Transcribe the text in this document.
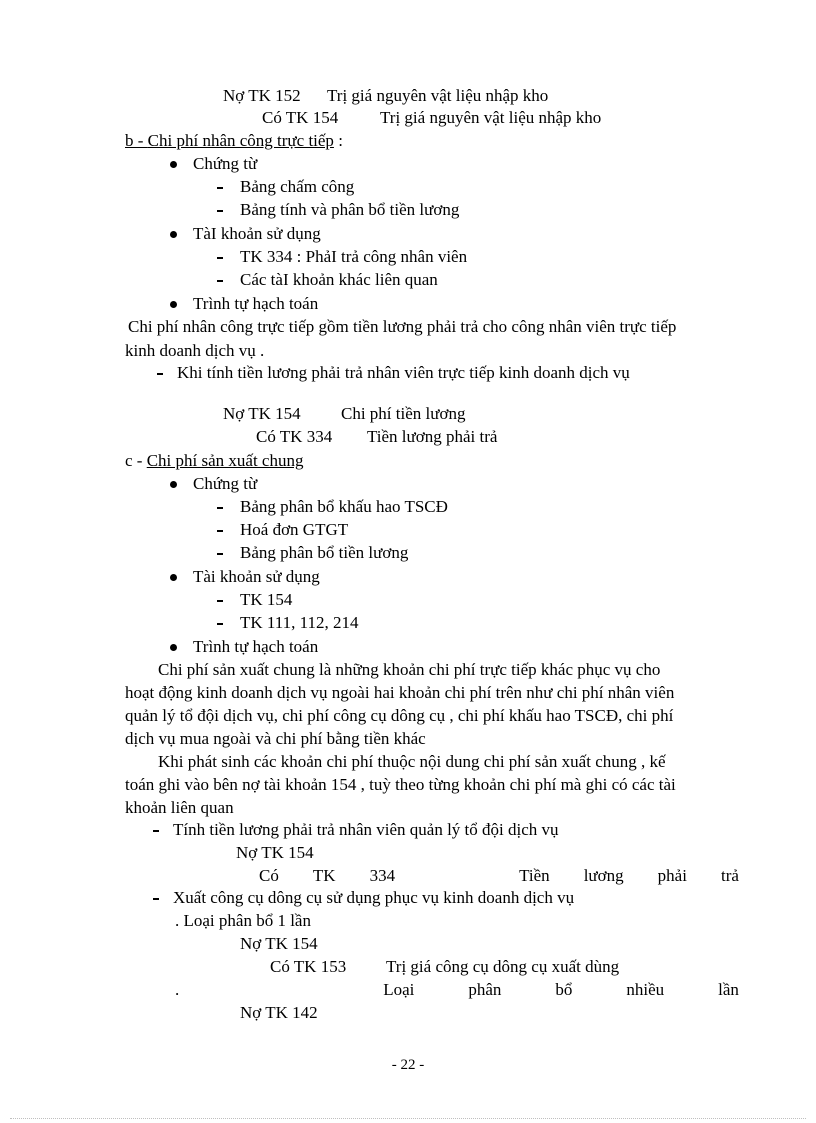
Nợ TK 152 Trị giá nguyên vật liệu nhập kho
Có TK 154 Trị giá nguyên vật liệu nhập kho
b - Chi phí nhân công trực tiếp :
Chứng từ
Bảng chấm công
Bảng tính và phân bổ tiền lương
TàI khoản sử dụng
TK 334 : PhảI trả công nhân viên
Các tàI khoản khác liên quan
Trình tự hạch toán
Chi phí nhân công trực tiếp gồm tiền lương phải trả cho công nhân viên trực tiếp
kinh doanh dịch vụ .
Khi tính tiền lương phải trả nhân viên trực tiếp kinh doanh dịch vụ
Nợ TK 154 Chi phí tiền lương
Có TK 334 Tiền lương phải trả
c - Chi phí sản xuất chung
Chứng từ
Bảng phân bổ khấu hao TSCĐ
Hoá đơn GTGT
Bảng phân bổ tiền lương
Tài khoản sử dụng
TK 154
TK 111, 112, 214
Trình tự hạch toán
Chi phí sản xuất chung là những khoản chi phí trực tiếp khác phục vụ cho
hoạt động kinh doanh dịch vụ ngoài hai khoản chi phí trên như chi phí nhân viên
quản lý tổ đội dịch vụ, chi phí công cụ dông cụ , chi phí khấu hao TSCĐ, chi phí
dịch vụ mua ngoài và chi phí bằng tiền khác
Khi phát sinh các khoản chi phí thuộc nội dung chi phí sản xuất chung , kế
toán ghi vào bên nợ tài khoản 154 , tuỳ theo từng khoản chi phí mà ghi có các tài
khoản liên quan
Tính tiền lương phải trả nhân viên quản lý tổ đội dịch vụ
Nợ TK 154
Có TK 334	Tiền lương phải trả
Xuất công cụ dông cụ sử dụng phục vụ kinh doanh dịch vụ
. Loại phân bổ 1 lần
Nợ TK 154
Có TK 153 Trị giá công cụ dông cụ xuất dùng
.	Loại	phân	bổ	nhiều	lần
Nợ TK 142
- 22 -
